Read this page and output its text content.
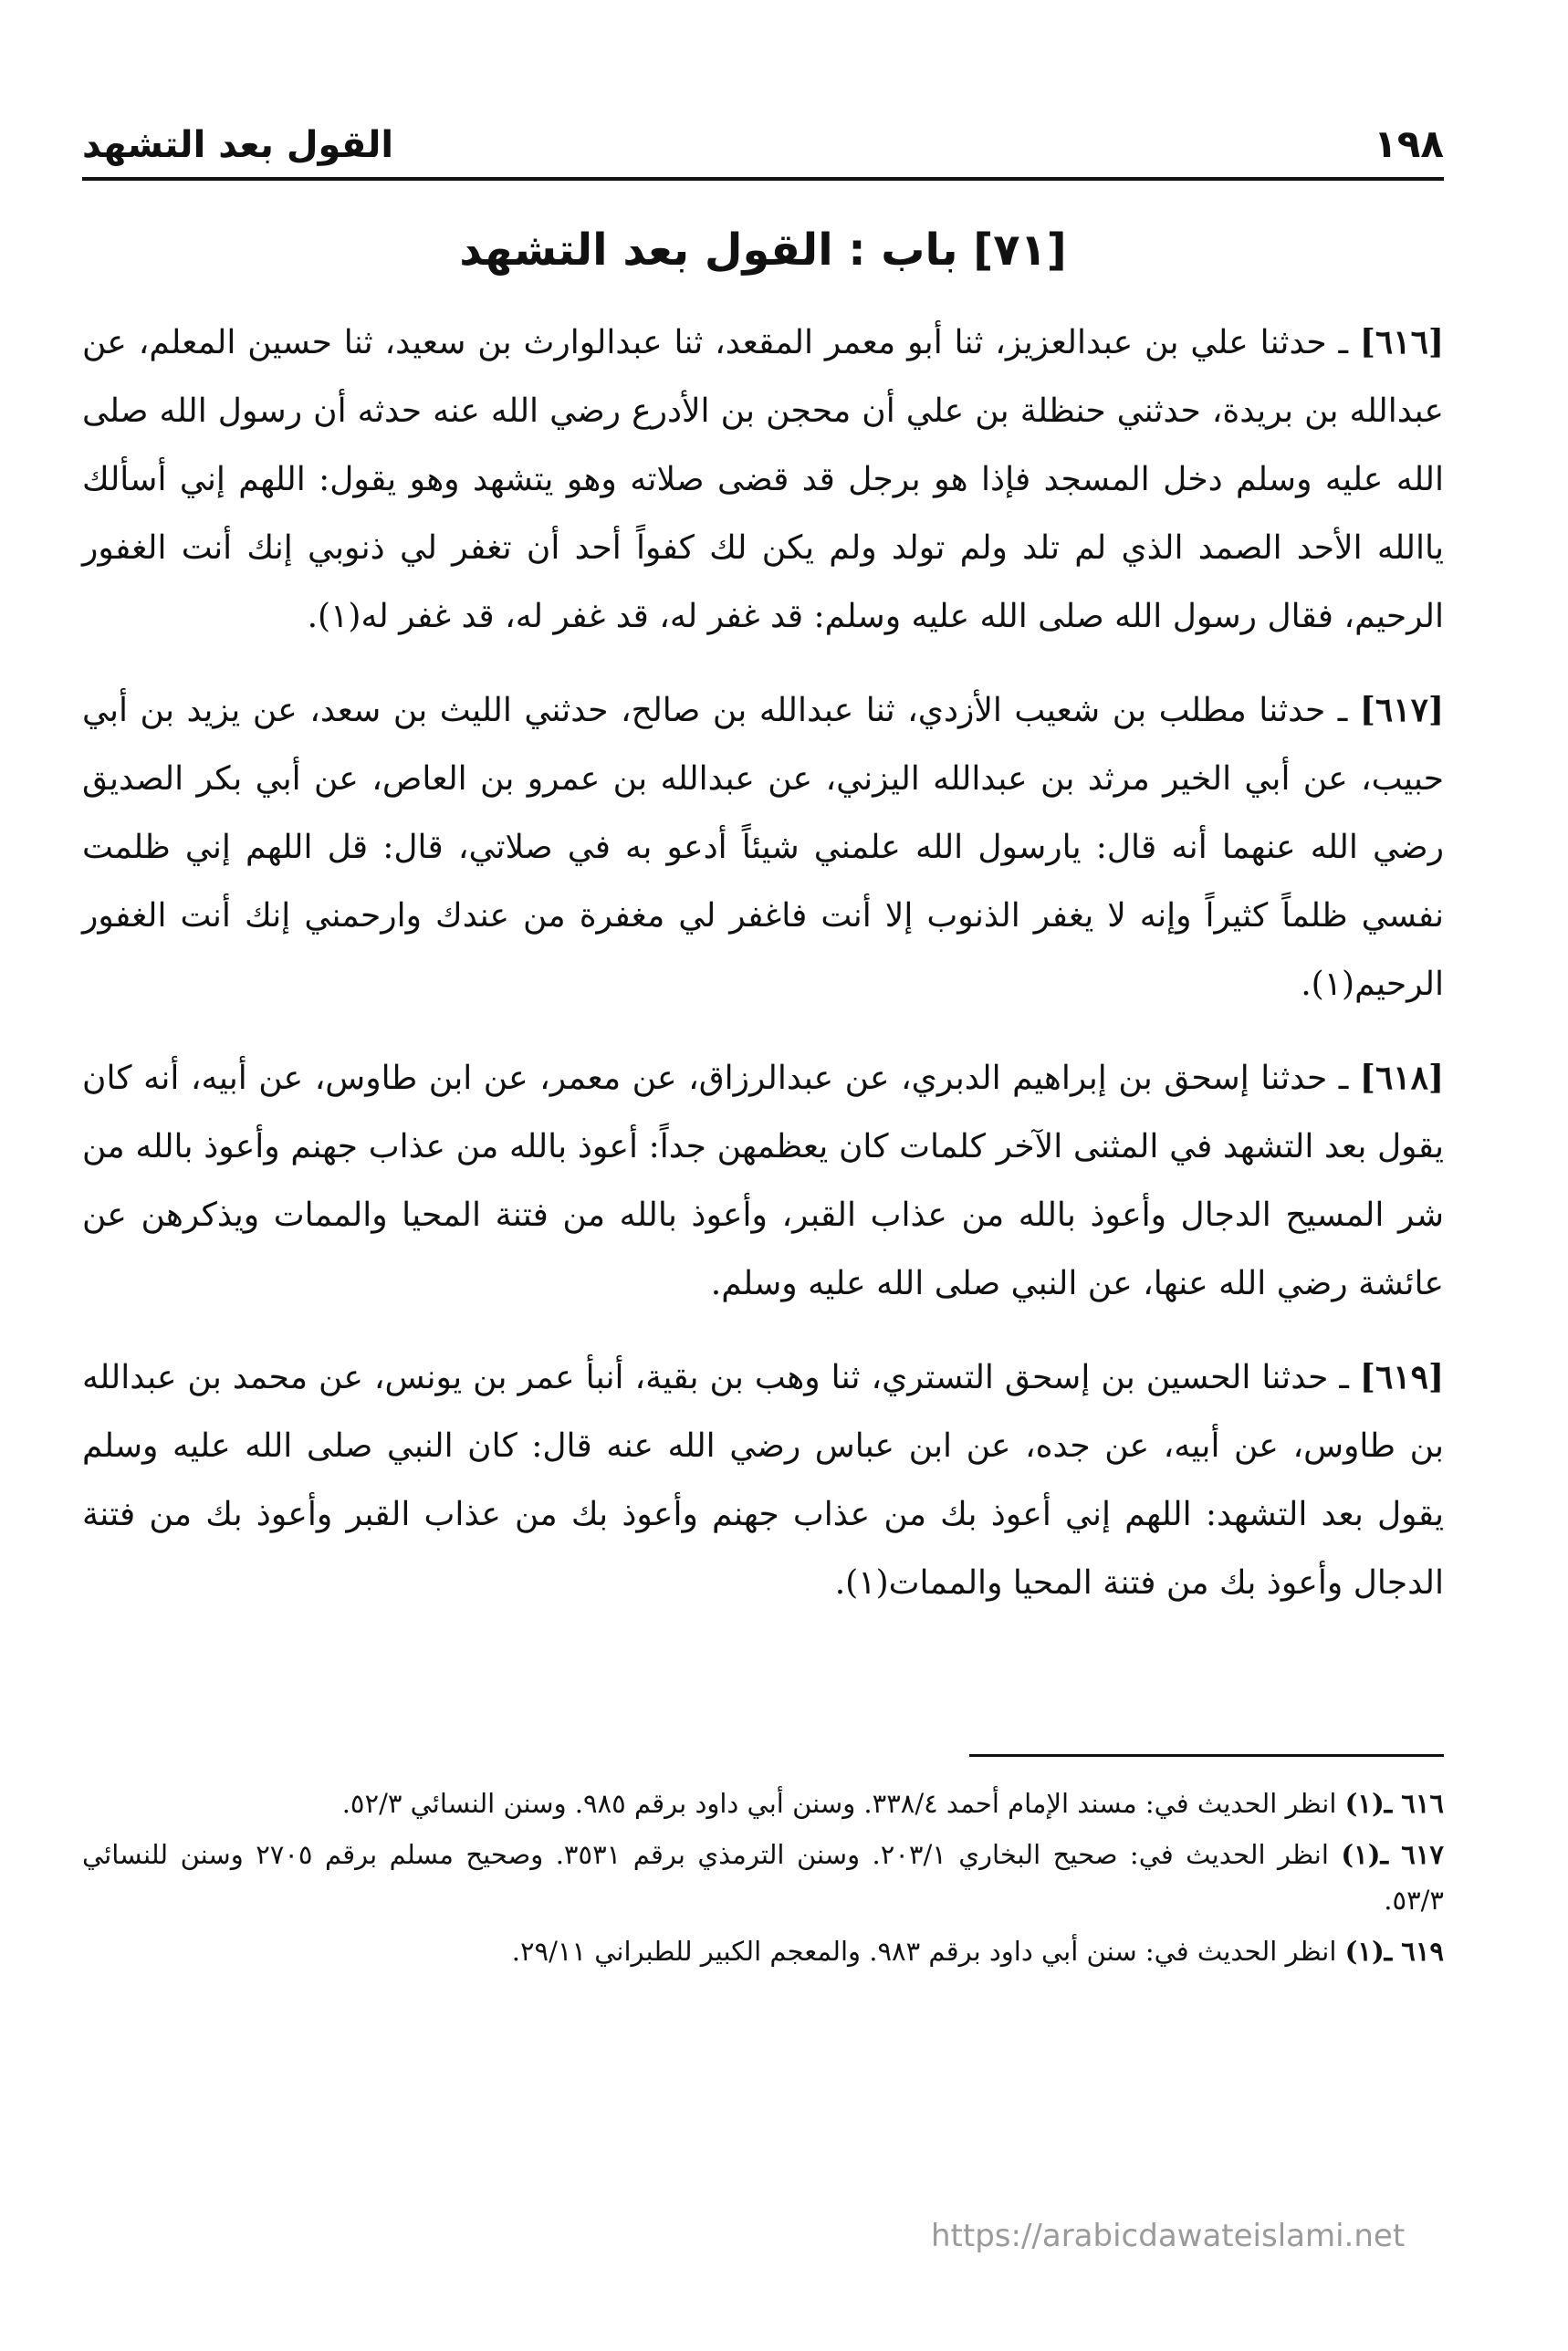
١٩٨
القول بعد التشهد
[٧١] باب : القول بعد التشهد

[٦١٦] ـ حدثنا علي بن عبدالعزيز، ثنا أبو معمر المقعد، ثنا عبدالوارث بن سعيد، ثنا حسين المعلم، عن عبدالله بن بريدة، حدثني حنظلة بن علي أن محجن بن الأدرع رضي الله عنه حدثه أن رسول الله صلى الله عليه وسلم دخل المسجد فإذا هو برجل قد قضى صلاته وهو يتشهد وهو يقول: اللهم إني أسألك ياالله الأحد الصمد الذي لم تلد ولم تولد ولم يكن لك كفواً أحد أن تغفر لي ذنوبي إنك أنت الغفور الرحيم، فقال رسول الله صلى الله عليه وسلم: قد غفر له، قد غفر له، قد غفر له(١).

[٦١٧] ـ حدثنا مطلب بن شعيب الأزدي، ثنا عبدالله بن صالح، حدثني الليث بن سعد، عن يزيد بن أبي حبيب، عن أبي الخير مرثد بن عبدالله اليزني، عن عبدالله بن عمرو بن العاص، عن أبي بكر الصديق رضي الله عنهما أنه قال: يارسول الله علمني شيئاً أدعو به في صلاتي، قال: قل اللهم إني ظلمت نفسي ظلماً كثيراً وإنه لا يغفر الذنوب إلا أنت فاغفر لي مغفرة من عندك وارحمني إنك أنت الغفور الرحيم(١).

[٦١٨] ـ حدثنا إسحق بن إبراهيم الدبري، عن عبدالرزاق، عن معمر، عن ابن طاوس، عن أبيه، أنه كان يقول بعد التشهد في المثنى الآخر كلمات كان يعظمهن جداً: أعوذ بالله من عذاب جهنم وأعوذ بالله من شر المسيح الدجال وأعوذ بالله من عذاب القبر، وأعوذ بالله من فتنة المحيا والممات ويذكرهن عن عائشة رضي الله عنها، عن النبي صلى الله عليه وسلم.

[٦١٩] ـ حدثنا الحسين بن إسحق التستري، ثنا وهب بن بقية، أنبأ عمر بن يونس، عن محمد بن عبدالله بن طاوس، عن أبيه، عن جده، عن ابن عباس رضي الله عنه قال: كان النبي صلى الله عليه وسلم يقول بعد التشهد: اللهم إني أعوذ بك من عذاب جهنم وأعوذ بك من عذاب القبر وأعوذ بك من فتنة الدجال وأعوذ بك من فتنة المحيا والممات(١).

٦١٦ ـ(١) انظر الحديث في: مسند الإمام أحمد ٣٣٨/٤. وسنن أبي داود برقم ٩٨٥. وسنن النسائي ٥٢/٣.

٦١٧ ـ(١) انظر الحديث في: صحيح البخاري ٢٠٣/١. وسنن الترمذي برقم ٣٥٣١. وصحيح مسلم برقم ٢٧٠٥ وسنن للنسائي ٥٣/٣.

٦١٩ ـ(١) انظر الحديث في: سنن أبي داود برقم ٩٨٣. والمعجم الكبير للطبراني ٢٩/١١.

https://arabicdawateislami.net
